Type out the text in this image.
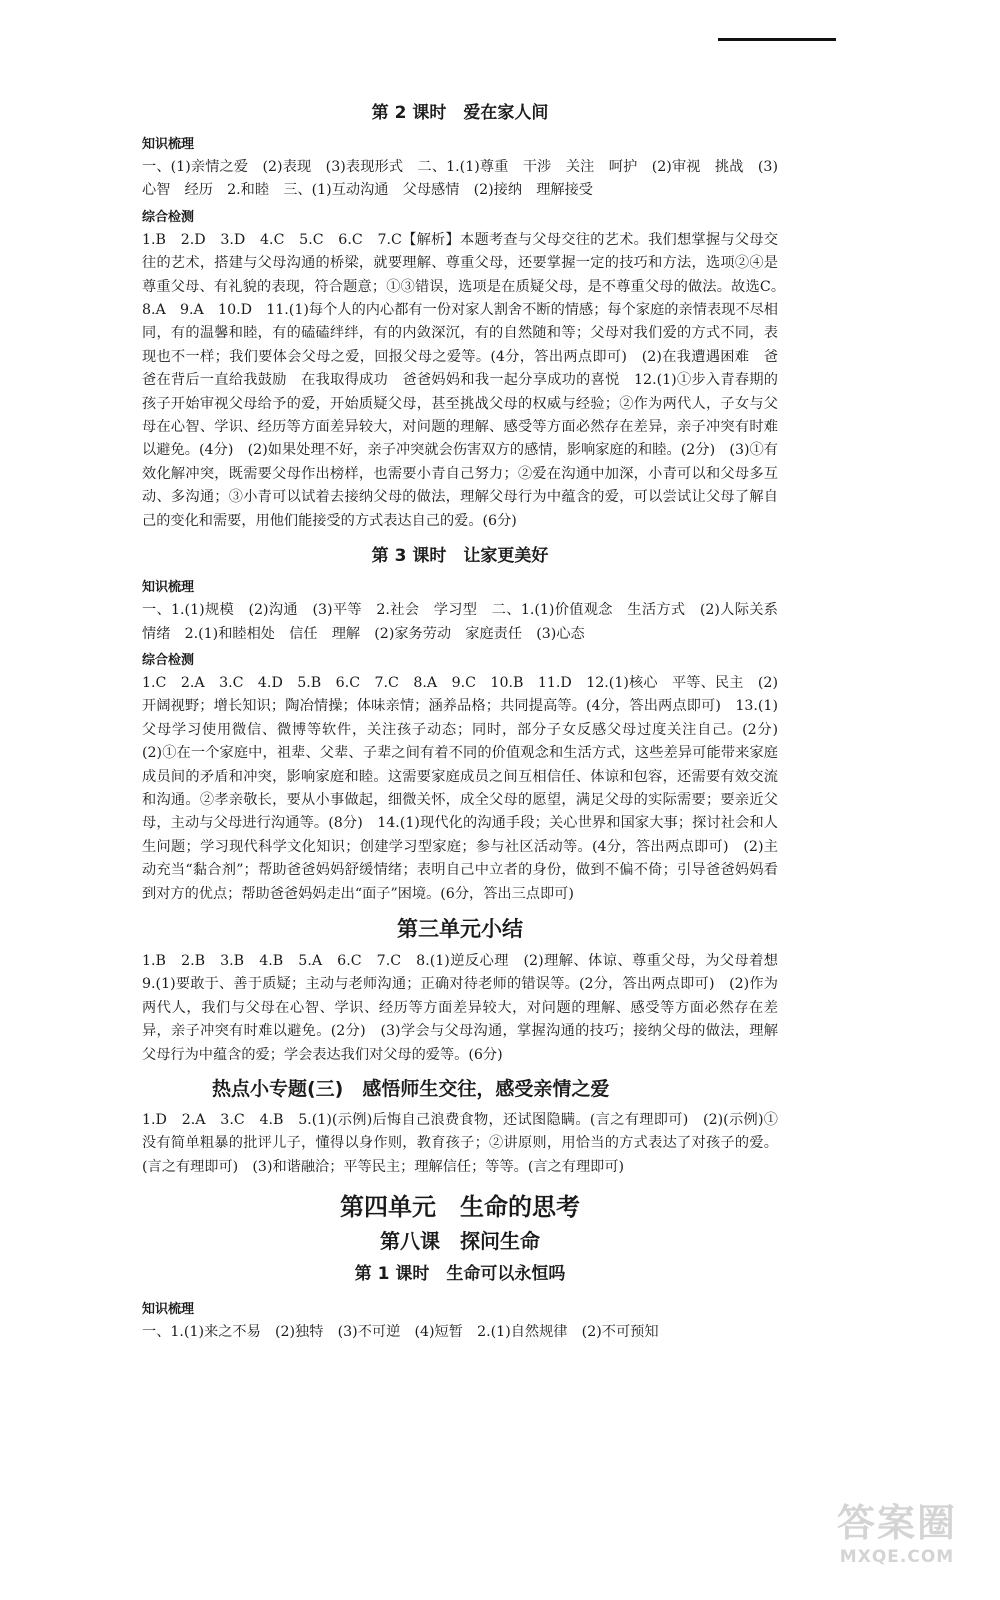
第 2 课时　爱在家人间
知识梳理

一、(1)亲情之爱　(2)表现　(3)表现形式　二、1.(1)尊重　干涉　关注　呵护　(2)审视　挑战　(3)心智　经历　2.和睦　三、(1)互动沟通　父母感情　(2)接纳　理解接受

综合检测

1.B　2.D　3.D　4.C　5.C　6.C　7.C【解析】本题考查与父母交往的艺术。我们想掌握与父母交往的艺术，搭建与父母沟通的桥梁，就要理解、尊重父母，还要掌握一定的技巧和方法，选项②④是尊重父母、有礼貌的表现，符合题意；①③错误，选项是在质疑父母，是不尊重父母的做法。故选C。　8.A　9.A　10.D　11.(1)每个人的内心都有一份对家人割舍不断的情感；每个家庭的亲情表现不尽相同，有的温馨和睦，有的磕磕绊绊，有的内敛深沉，有的自然随和等；父母对我们爱的方式不同，表现也不一样；我们要体会父母之爱，回报父母之爱等。(4分，答出两点即可)　(2)在我遭遇困难　爸爸在背后一直给我鼓励　在我取得成功　爸爸妈妈和我一起分享成功的喜悦　12.(1)①步入青春期的孩子开始审视父母给予的爱，开始质疑父母，甚至挑战父母的权威与经验；②作为两代人，子女与父母在心智、学识、经历等方面差异较大，对问题的理解、感受等方面必然存在差异，亲子冲突有时难以避免。(4分)　(2)如果处理不好，亲子冲突就会伤害双方的感情，影响家庭的和睦。(2分)　(3)①有效化解冲突，既需要父母作出榜样，也需要小青自己努力；②爱在沟通中加深，小青可以和父母多互动、多沟通；③小青可以试着去接纳父母的做法，理解父母行为中蕴含的爱，可以尝试让父母了解自己的变化和需要，用他们能接受的方式表达自己的爱。(6分)

第 3 课时　让家更美好
知识梳理

一、1.(1)规模　(2)沟通　(3)平等　2.社会　学习型　二、1.(1)价值观念　生活方式　(2)人际关系　情绪　2.(1)和睦相处　信任　理解　(2)家务劳动　家庭责任　(3)心态

综合检测

1.C　2.A　3.C　4.D　5.B　6.C　7.C　8.A　9.C　10.B　11.D　12.(1)核心　平等、民主　(2)开阔视野；增长知识；陶冶情操；体味亲情；涵养品格；共同提高等。(4分，答出两点即可)　13.(1)父母学习使用微信、微博等软件，关注孩子动态；同时，部分子女反感父母过度关注自己。(2分)　(2)①在一个家庭中，祖辈、父辈、子辈之间有着不同的价值观念和生活方式，这些差异可能带来家庭成员间的矛盾和冲突，影响家庭和睦。这需要家庭成员之间互相信任、体谅和包容，还需要有效交流和沟通。②孝亲敬长，要从小事做起，细微关怀，成全父母的愿望，满足父母的实际需要；要亲近父母，主动与父母进行沟通等。(8分)　14.(1)现代化的沟通手段；关心世界和国家大事；探讨社会和人生问题；学习现代科学文化知识；创建学习型家庭；参与社区活动等。(4分，答出两点即可)　(2)主动充当“黏合剂”；帮助爸爸妈妈舒缓情绪；表明自己中立者的身份，做到不偏不倚；引导爸爸妈妈看到对方的优点；帮助爸爸妈妈走出“面子”困境。(6分，答出三点即可)

第三单元小结

1.B　2.B　3.B　4.B　5.A　6.C　7.C　8.(1)逆反心理　(2)理解、体谅、尊重父母，为父母着想　9.(1)要敢于、善于质疑；主动与老师沟通；正确对待老师的错误等。(2分，答出两点即可)　(2)作为两代人，我们与父母在心智、学识、经历等方面差异较大，对问题的理解、感受等方面必然存在差异，亲子冲突有时难以避免。(2分)　(3)学会与父母沟通，掌握沟通的技巧；接纳父母的做法，理解父母行为中蕴含的爱；学会表达我们对父母的爱等。(6分)

热点小专题(三)　感悟师生交往，感受亲情之爱

1.D　2.A　3.C　4.B　5.(1)(示例)后悔自己浪费食物，还试图隐瞒。(言之有理即可)　(2)(示例)①没有简单粗暴的批评儿子，懂得以身作则，教育孩子；②讲原则，用恰当的方式表达了对孩子的爱。(言之有理即可)　(3)和谐融洽；平等民主；理解信任；等等。(言之有理即可)

第四单元　生命的思考
第八课　探问生命
第 1 课时　生命可以永恒吗
知识梳理

一、1.(1)来之不易　(2)独特　(3)不可逆　(4)短暂　2.(1)自然规律　(2)不可预知

答案圈
MXQE.COM
